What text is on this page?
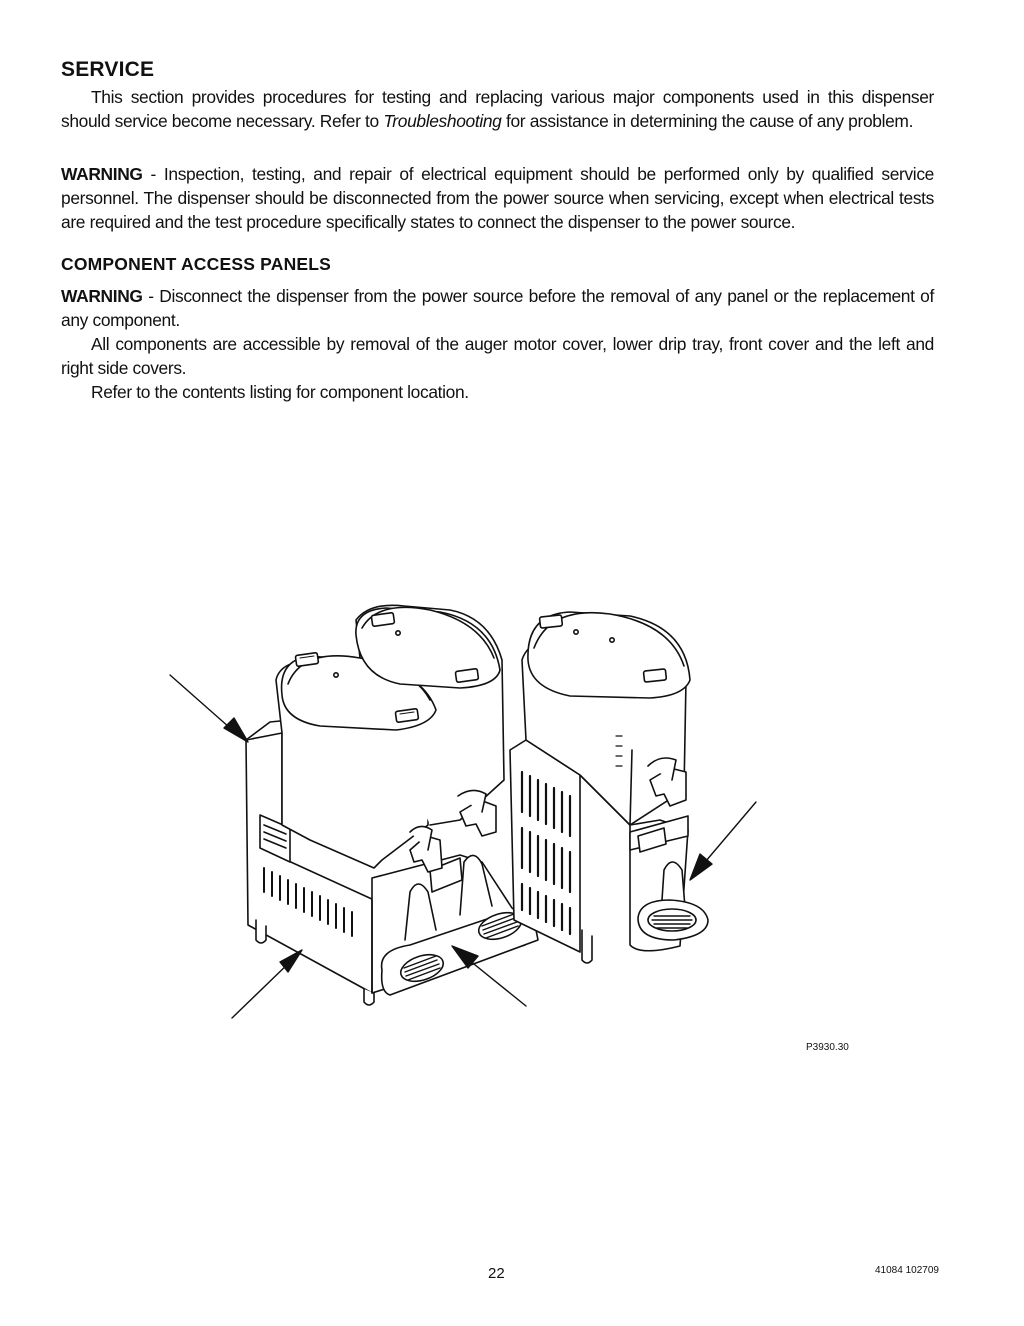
SERVICE

This section provides procedures for testing and replacing various major components used in this dispenser should service become necessary. Refer to Troubleshooting for assistance in determining the cause of any problem.

WARNING - Inspection, testing, and repair of electrical equipment should be performed only by qualified service personnel. The dispenser should be disconnected from the power source when servicing, except when electrical tests are required and the test procedure specifically states to connect the dispenser to the power source.

COMPONENT ACCESS PANELS

WARNING - Disconnect the dispenser from the power source before the removal of any panel or the replacement of any component.

All components are accessible by removal of the auger motor cover, lower drip tray, front cover and the left and right side covers.

Refer to the contents listing for component location.

P3930.30
22	41084 102709
